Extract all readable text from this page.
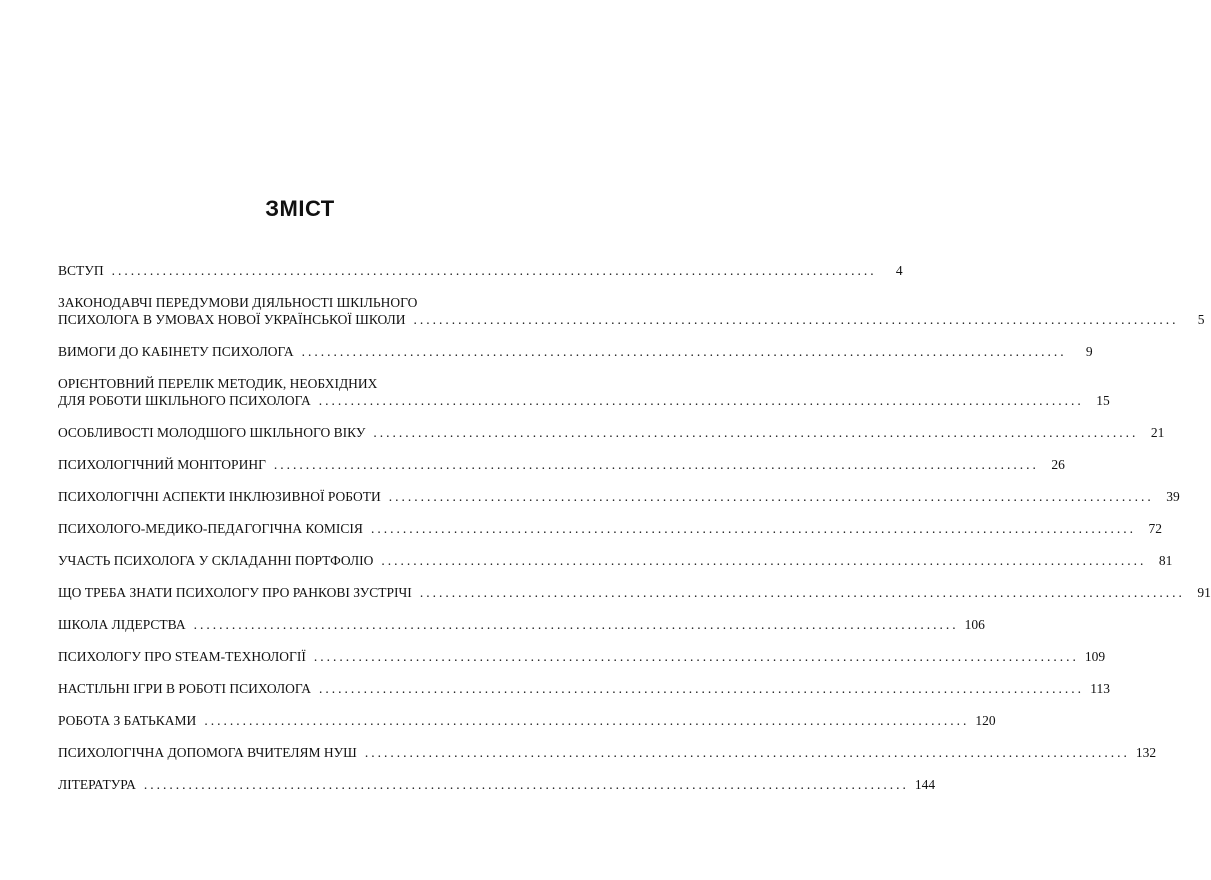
ЗМІСТ
ВСТУП ........................................................................................................................	4
ЗАКОНОДАВЧІ ПЕРЕДУМОВИ ДІЯЛЬНОСТІ ШКІЛЬНОГО
ПСИХОЛОГА В УМОВАХ НОВОЇ УКРАЇНСЬКОЇ ШКОЛИ ........................................................................................................................	5
ВИМОГИ ДО КАБІНЕТУ ПСИХОЛОГА ........................................................................................................................	9
ОРІЄНТОВНИЙ ПЕРЕЛІК МЕТОДИК, НЕОБХІДНИХ
ДЛЯ РОБОТИ ШКІЛЬНОГО ПСИХОЛОГА ........................................................................................................................ 15
ОСОБЛИВОСТІ МОЛОДШОГО ШКІЛЬНОГО ВІКУ ........................................................................................................................ 21
ПСИХОЛОГІЧНИЙ МОНІТОРИНГ ........................................................................................................................ 26
ПСИХОЛОГІЧНІ АСПЕКТИ ІНКЛЮЗИВНОЇ РОБОТИ ........................................................................................................................ 39
ПСИХОЛОГО-МЕДИКО-ПЕДАГОГІЧНА КОМІСІЯ ........................................................................................................................ 72
УЧАСТЬ ПСИХОЛОГА У СКЛАДАННІ ПОРТФОЛІО ........................................................................................................................ 81
ЩО ТРЕБА ЗНАТИ ПСИХОЛОГУ ПРО РАНКОВІ ЗУСТРІЧІ ........................................................................................................................ 91
ШКОЛА ЛІДЕРСТВА ........................................................................................................................ 106
ПСИХОЛОГУ ПРО STEAM-ТЕХНОЛОГІЇ ........................................................................................................................ 109
НАСТІЛЬНІ ІГРИ В РОБОТІ ПСИХОЛОГА ........................................................................................................................ 113
РОБОТА З БАТЬКАМИ ........................................................................................................................ 120
ПСИХОЛОГІЧНА ДОПОМОГА ВЧИТЕЛЯМ НУШ ........................................................................................................................ 132
ЛІТЕРАТУРА ........................................................................................................................ 144
